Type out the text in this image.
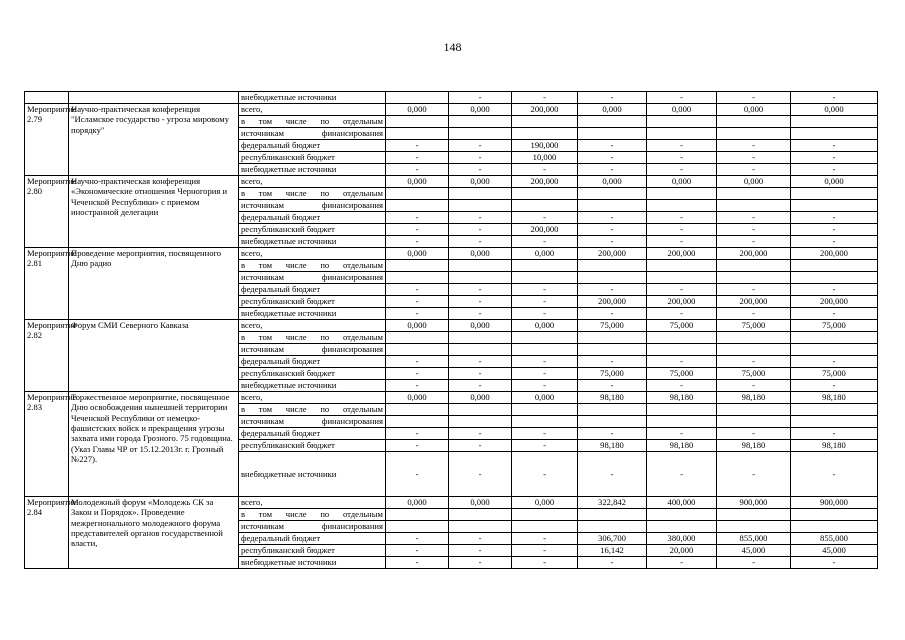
148
		внебюджетные источники		-	-	-	-	-	-
Мероприятие 2.79	Научно-практическая конференция "Исламское государство - угроза мировому порядку"	всего,	0,000	0,000	200,000	0,000	0,000	0,000	0,000
		в том числе по отдельным							
		источникам финансирования							
		федеральный бюджет	-	-	190,000	-	-	-	-
		республиканский бюджет	-	-	10,000	-	-	-	-
		внебюджетные источники	-	-	-	-	-	-	-
Мероприятие 2.80	Научно-практическая конференция «Экономические отношения Черногория и Чеченской Республики» с приемом иностранной делегации	всего,	0,000	0,000	200,000	0,000	0,000	0,000	0,000
		в том числе по отдельным							
		источникам финансирования							
		федеральный бюджет	-	-	-	-	-	-	-
		республиканский бюджет	-	-	200,000	-	-	-	-
		внебюджетные источники	-	-	-	-	-	-	-
Мероприятие 2.81	Проведение мероприятия, посвященного Дню радио	всего,	0,000	0,000	0,000	200,000	200,000	200,000	200,000
		в том числе по отдельным							
		источникам финансирования							
		федеральный бюджет	-	-	-	-	-	-	-
		республиканский бюджет	-	-	-	200,000	200,000	200,000	200,000
		внебюджетные источники	-	-	-	-	-	-	-
Мероприятие 2.82	Форум СМИ Северного Кавказа	всего,	0,000	0,000	0,000	75,000	75,000	75,000	75,000
		в том числе по отдельным							
		источникам финансирования							
		федеральный бюджет	-	-	-	-	-	-	-
		республиканский бюджет	-	-	-	75,000	75,000	75,000	75,000
		внебюджетные источники	-	-	-	-	-	-	-
Мероприятие 2.83	Торжественное мероприятие, посвященное Дню освобождения нынешней территории Чеченской Республики от немецко-фашистских войск и прекращения угрозы захвата ими города Грозного. 75 годовщина. (Указ Главы ЧР от 15.12.2013г. г. Грозный №227).	всего,	0,000	0,000	0,000	98,180	98,180	98,180	98,180
		в том числе по отдельным							
		источникам финансирования							
		федеральный бюджет	-	-	-	-	-	-	-
		республиканский бюджет	-	-	-	98,180	98,180	98,180	98,180
		внебюджетные источники	-	-	-	-	-	-	-
Мероприятие 2.84	Молодежный форум «Молодежь СК за Закон и Порядок». Проведение межрегионального молодежного форума представителей органов государственной власти,	всего,	0,000	0,000	0,000	322,842	400,000	900,000	900,000
		в том числе по отдельным							
		источникам финансирования							
		федеральный бюджет	-	-	-	306,700	380,000	855,000	855,000
		республиканский бюджет	-	-	-	16,142	20,000	45,000	45,000
		внебюджетные источники	-	-	-	-	-	-	-
